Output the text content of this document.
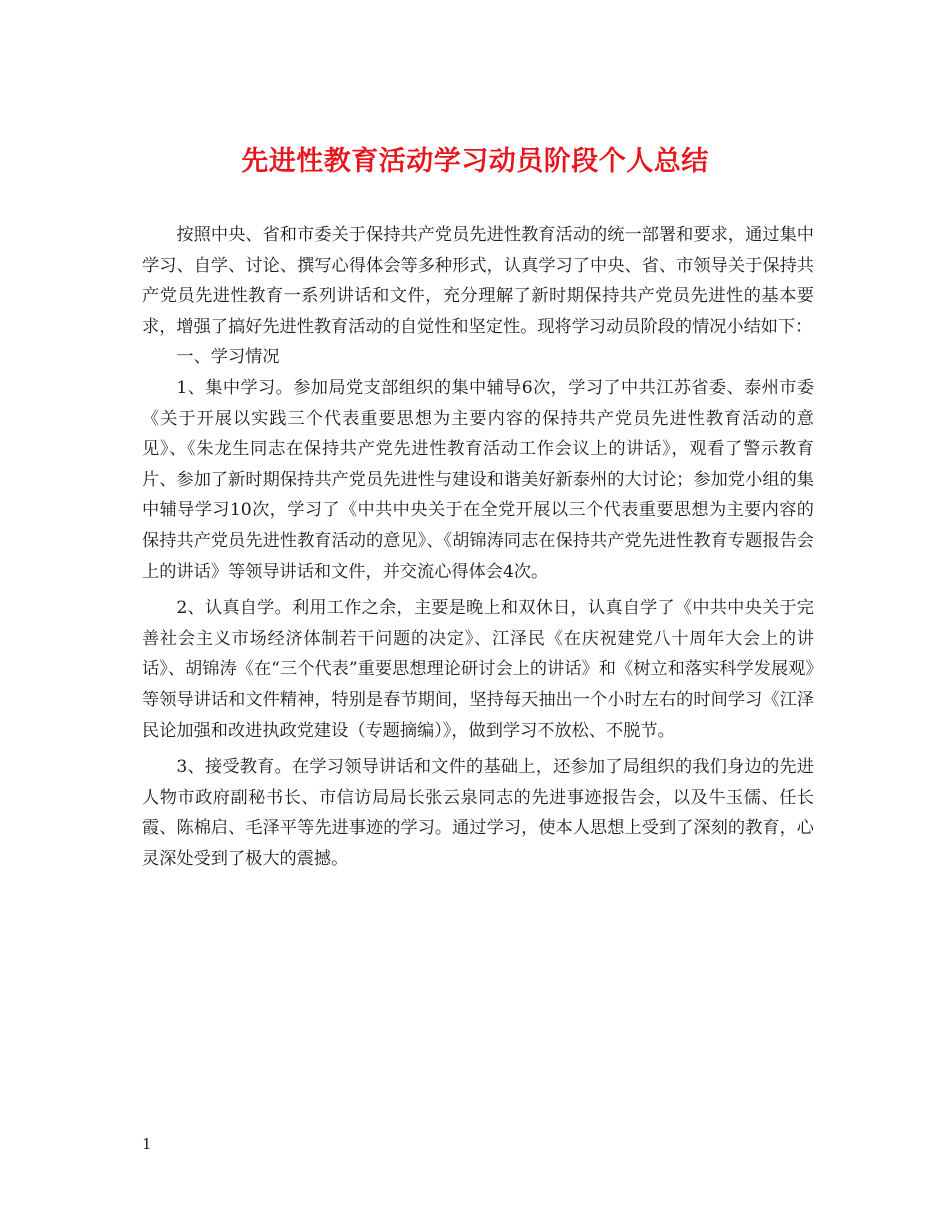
先进性教育活动学习动员阶段个人总结

按照中央、省和市委关于保持共产党员先进性教育活动的统一部署和要求，通过集中学习、自学、讨论、撰写心得体会等多种形式，认真学习了中央、省、市领导关于保持共产党员先进性教育一系列讲话和文件，充分理解了新时期保持共产党员先进性的基本要求，增强了搞好先进性教育活动的自觉性和坚定性。现将学习动员阶段的情况小结如下：

一、学习情况

1、集中学习。参加局党支部组织的集中辅导6次，学习了中共江苏省委、泰州市委《关于开展以实践三个代表重要思想为主要内容的保持共产党员先进性教育活动的意见》、《朱龙生同志在保持共产党先进性教育活动工作会议上的讲话》，观看了警示教育片、参加了新时期保持共产党员先进性与建设和谐美好新泰州的大讨论；参加党小组的集中辅导学习10次，学习了《中共中央关于在全党开展以三个代表重要思想为主要内容的保持共产党员先进性教育活动的意见》、《胡锦涛同志在保持共产党先进性教育专题报告会上的讲话》等领导讲话和文件，并交流心得体会4次。

2、认真自学。利用工作之余，主要是晚上和双休日，认真自学了《中共中央关于完善社会主义市场经济体制若干问题的决定》、江泽民《在庆祝建党八十周年大会上的讲话》、胡锦涛《在“三个代表”重要思想理论研讨会上的讲话》和《树立和落实科学发展观》等领导讲话和文件精神，特别是春节期间，坚持每天抽出一个小时左右的时间学习《江泽民论加强和改进执政党建设（专题摘编）》，做到学习不放松、不脱节。

3、接受教育。在学习领导讲话和文件的基础上，还参加了局组织的我们身边的先进人物市政府副秘书长、市信访局局长张云泉同志的先进事迹报告会，以及牛玉儒、任长霞、陈棉启、毛泽平等先进事迹的学习。通过学习，使本人思想上受到了深刻的教育，心灵深处受到了极大的震撼。

1
